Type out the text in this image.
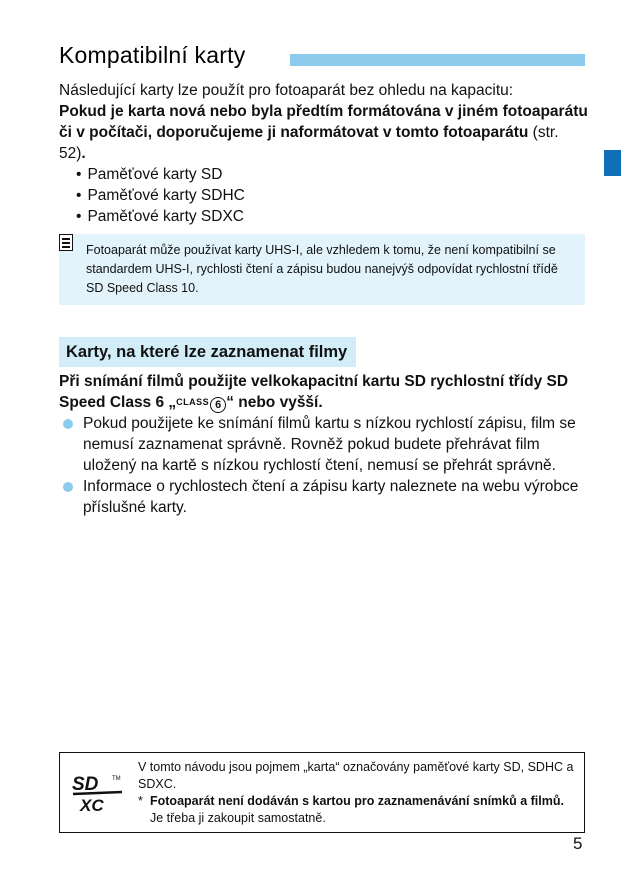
Kompatibilní karty

Následující karty lze použít pro fotoaparát bez ohledu na kapacitu:

Pokud je karta nová nebo byla předtím formátována v jiném fotoaparátu či v počítači, doporučujeme ji naformátovat v tomto fotoaparátu (str. 52).

• Paměťové karty SD
• Paměťové karty SDHC
• Paměťové karty SDXC

Fotoaparát může používat karty UHS-I, ale vzhledem k tomu, že není kompatibilní se standardem UHS-I, rychlosti čtení a zápisu budou nanejvýš odpovídat rychlostní třídě SD Speed Class 10.

Karty, na které lze zaznamenat filmy

Při snímání filmů použijte velkokapacitní kartu SD rychlostní třídy SD Speed Class 6 „CLASS 6 “ nebo vyšší.

Pokud použijete ke snímání filmů kartu s nízkou rychlostí zápisu, film se nemusí zaznamenat správně. Rovněž pokud budete přehrávat film uložený na kartě s nízkou rychlostí čtení, nemusí se přehrát správně.
Informace o rychlostech čtení a zápisu karty naleznete na webu výrobce příslušné karty.
SD TM
XC
V tomto návodu jsou pojmem „karta“ označovány paměťové karty SD, SDHC a SDXC.
* Fotoaparát není dodáván s kartou pro zaznamenávání snímků a filmů. Je třeba ji zakoupit samostatně.
5
